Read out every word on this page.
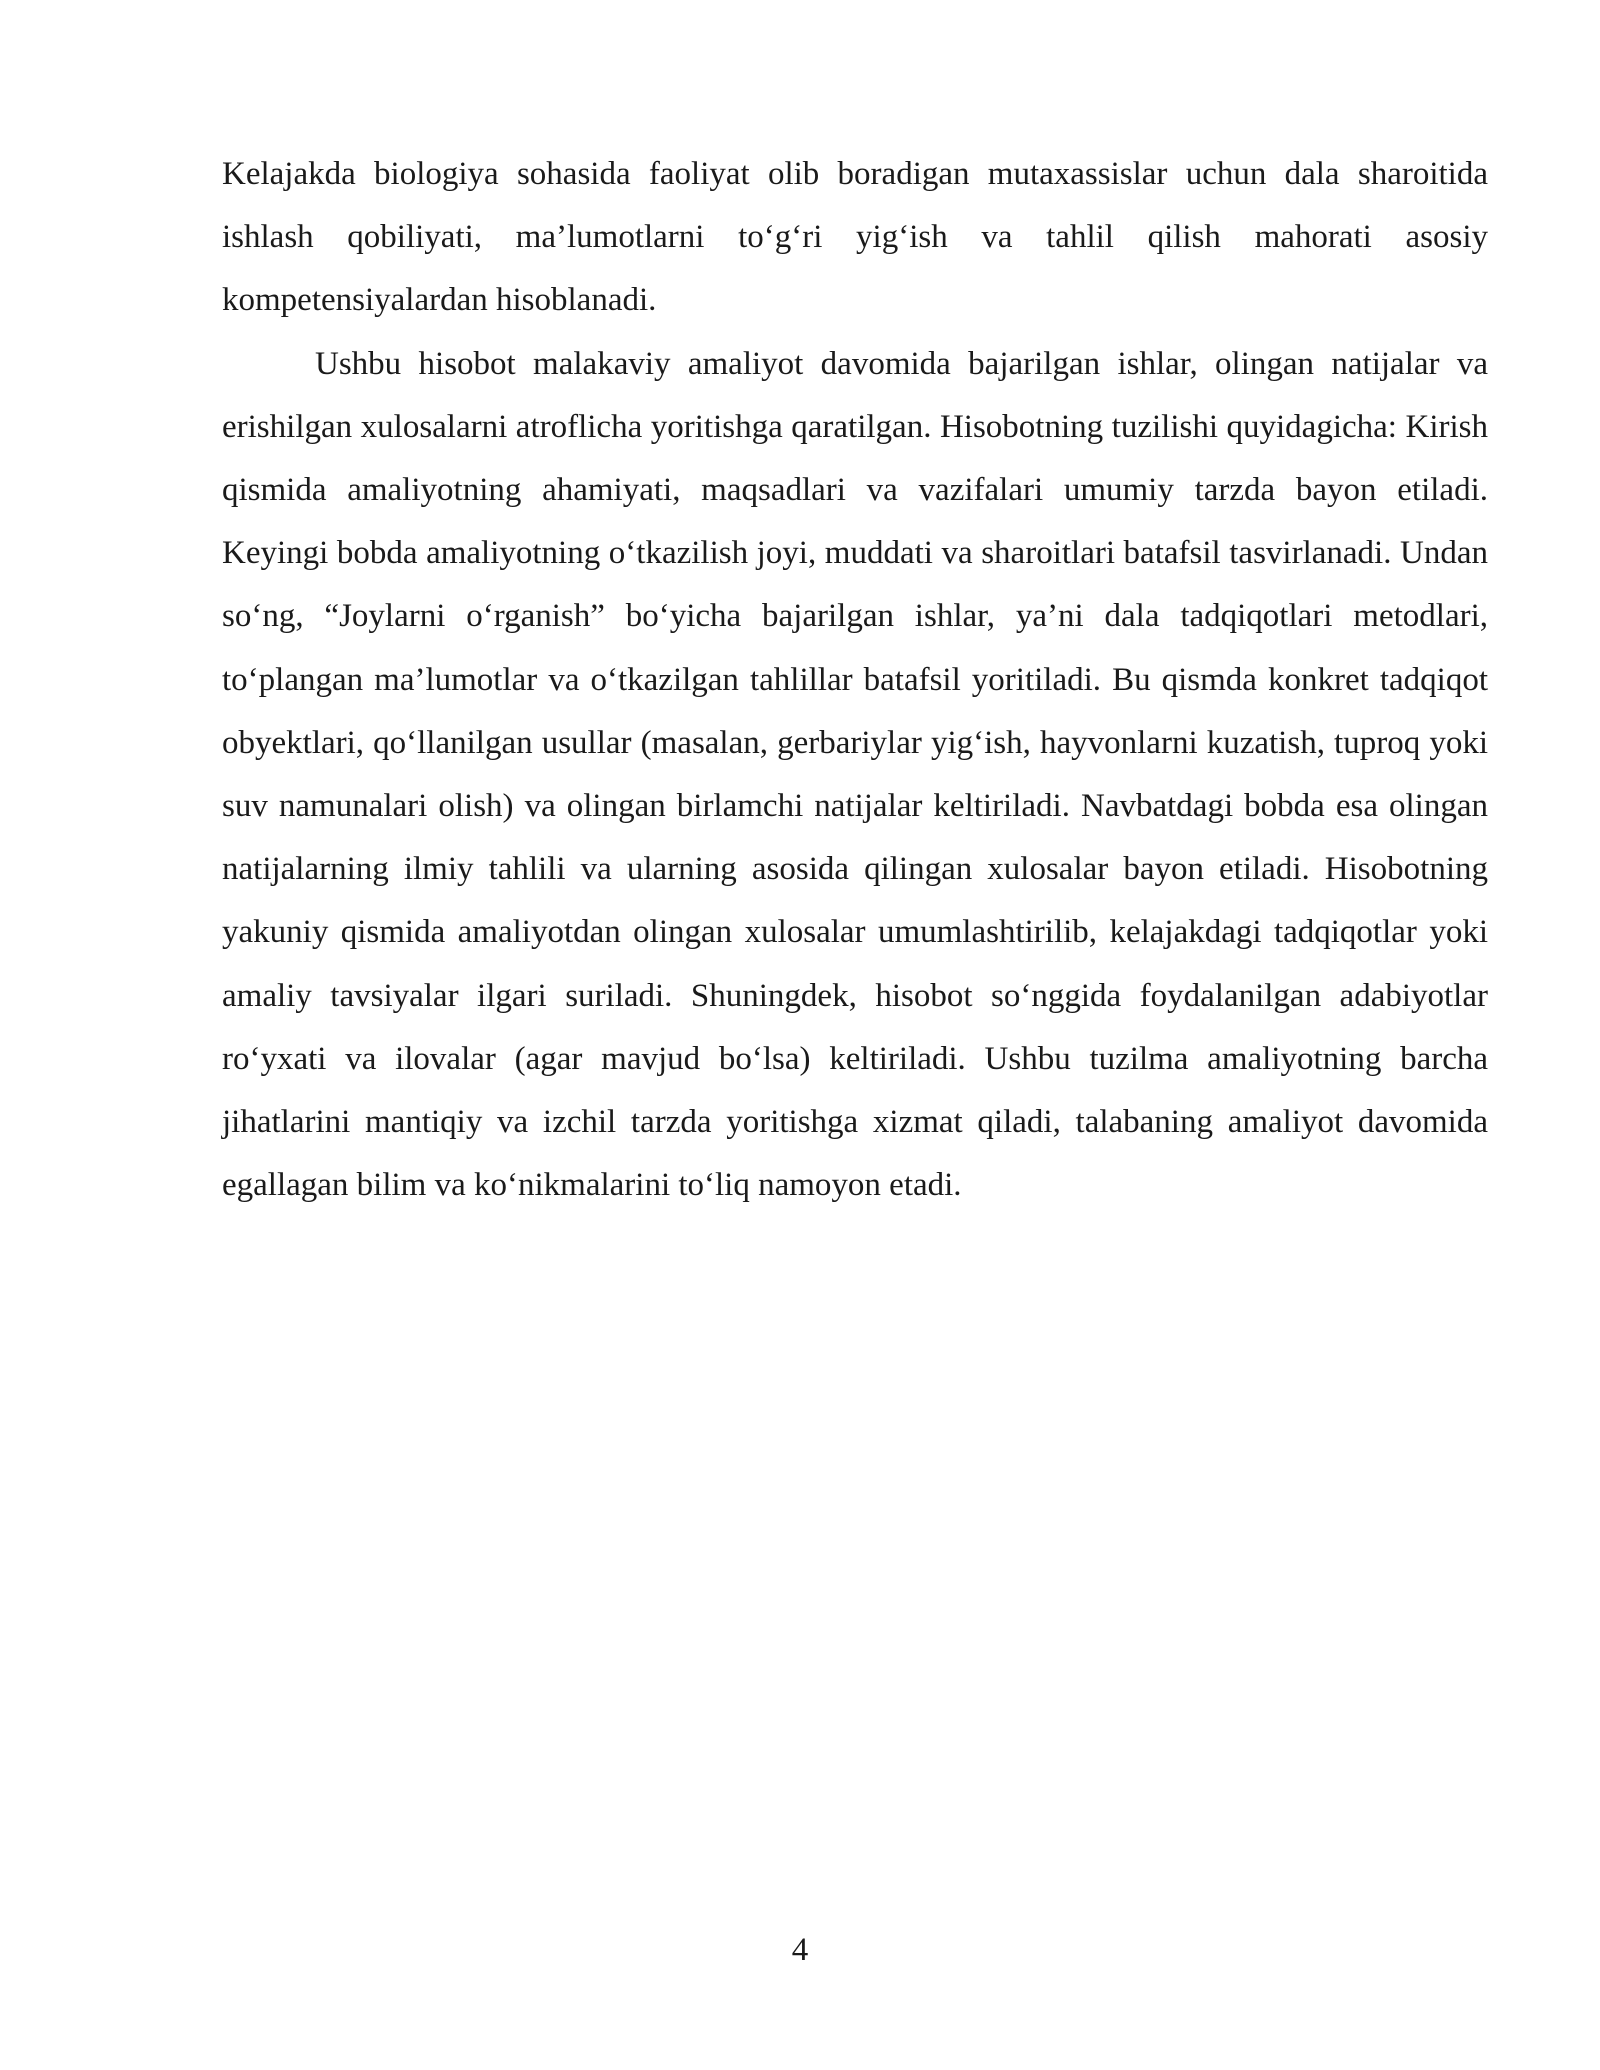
Kelajakda biologiya sohasida faoliyat olib boradigan mutaxassislar uchun dala sharoitida ishlash qobiliyati, ma’lumotlarni to‘g‘ri yig‘ish va tahlil qilish mahorati asosiy kompetensiyalardan hisoblanadi.

Ushbu hisobot malakaviy amaliyot davomida bajarilgan ishlar, olingan natijalar va erishilgan xulosalarni atroflicha yoritishga qaratilgan. Hisobotning tuzilishi quyidagicha: Kirish qismida amaliyotning ahamiyati, maqsadlari va vazifalari umumiy tarzda bayon etiladi. Keyingi bobda amaliyotning o‘tkazilish joyi, muddati va sharoitlari batafsil tasvirlanadi. Undan so‘ng, “Joylarni o‘rganish” bo‘yicha bajarilgan ishlar, ya’ni dala tadqiqotlari metodlari, to‘plangan ma’lumotlar va o‘tkazilgan tahlillar batafsil yoritiladi. Bu qismda konkret tadqiqot obyektlari, qo‘llanilgan usullar (masalan, gerbariylar yig‘ish, hayvonlarni kuzatish, tuproq yoki suv namunalari olish) va olingan birlamchi natijalar keltiriladi. Navbatdagi bobda esa olingan natijalarning ilmiy tahlili va ularning asosida qilingan xulosalar bayon etiladi. Hisobotning yakuniy qismida amaliyotdan olingan xulosalar umumlashtirilib, kelajakdagi tadqiqotlar yoki amaliy tavsiyalar ilgari suriladi. Shuningdek, hisobot so‘nggida foydalanilgan adabiyotlar ro‘yxati va ilovalar (agar mavjud bo‘lsa) keltiriladi. Ushbu tuzilma amaliyotning barcha jihatlarini mantiqiy va izchil tarzda yoritishga xizmat qiladi, talabaning amaliyot davomida egallagan bilim va ko‘nikmalarini to‘liq namoyon etadi.

4
